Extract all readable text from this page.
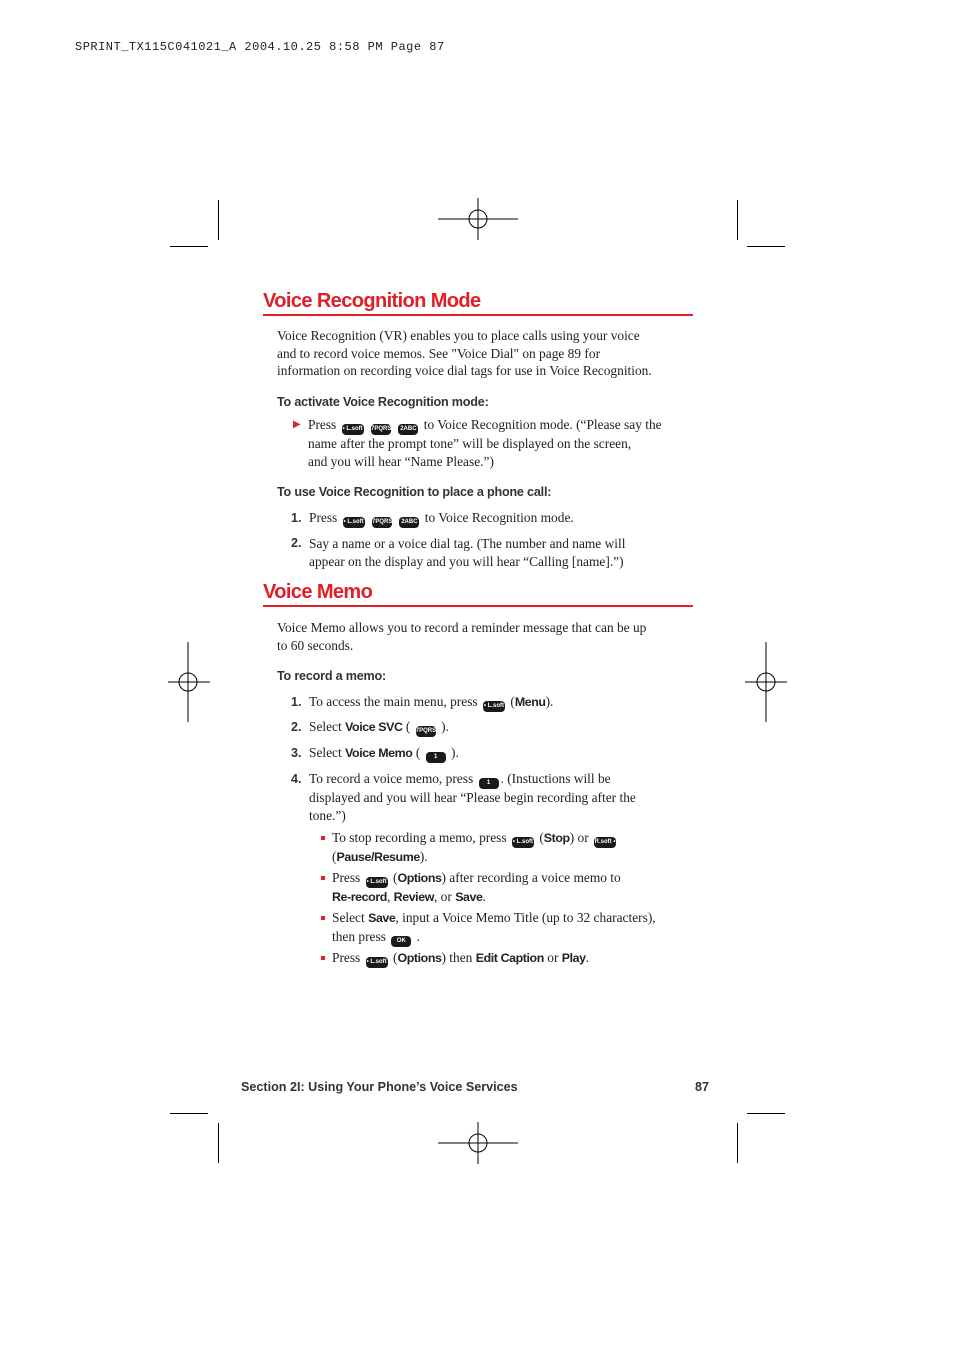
SPRINT_TX115C041021_A 2004.10.25 8:58 PM Page 87
Voice Recognition Mode
Voice Recognition (VR) enables you to place calls using your voice
and to record voice memos. See "Voice Dial" on page 89 for
information on recording voice dial tags for use in Voice Recognition.
To activate Voice Recognition mode:
▶ Press • L.soft 7PQRS 2ABC to Voice Recognition mode. (“Please say the
name after the prompt tone” will be displayed on the screen,
and you will hear “Name Please.”)
To use Voice Recognition to place a phone call:
1. Press • L.soft 7PQRS 2ABC to Voice Recognition mode.
2. Say a name or a voice dial tag. (The number and name will
appear on the display and you will hear “Calling [name].”)
Voice Memo
Voice Memo allows you to record a reminder message that can be up
to 60 seconds.
To record a memo:
1. To access the main menu, press • L.soft (Menu).
2. Select Voice SVC ( 7PQRS ).
3. Select Voice Memo ( 1 ).
4. To record a voice memo, press 1 . (Instuctions will be
displayed and you will hear “Please begin recording after the
tone.”)
To stop recording a memo, press • L.soft (Stop) or R.soft •
(Pause/Resume).
Press • L.soft (Options) after recording a voice memo to
Re-record, Review, or Save.
Select Save, input a Voice Memo Title (up to 32 characters),
then press OK .
Press • L.soft (Options) then Edit Caption or Play.
Section 2I: Using Your Phone’s Voice Services	87
